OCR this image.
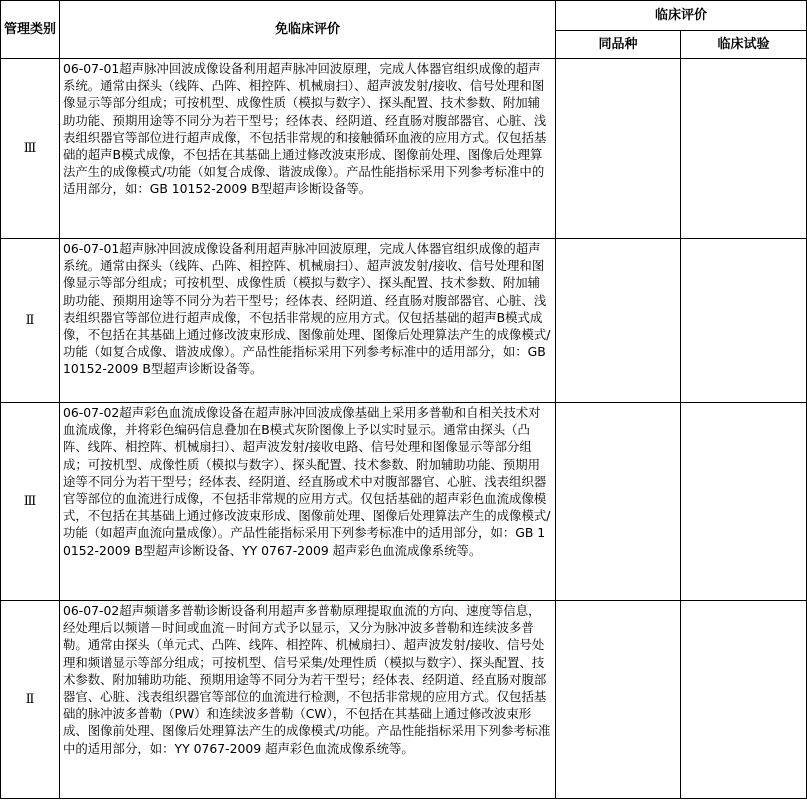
管理类别	免临床评价	临床评价	
		同品种	临床试验
Ⅲ	06-07-01超声脉冲回波成像设备利用超声脉冲回波原理，完成人体器官组织成像的超声系统。通常由探头（线阵、凸阵、相控阵、机械扇扫）、超声波发射/接收、信号处理和图像显示等部分组成；可按机型、成像性质（模拟与数字）、探头配置、技术参数、附加辅助功能、预期用途等不同分为若干型号；经体表、经阴道、经直肠对腹部器官、心脏、浅表组织器官等部位进行超声成像，不包括非常规的和接触循环血液的应用方式。仅包括基础的超声B模式成像，不包括在其基础上通过修改波束形成、图像前处理、图像后处理算法产生的成像模式/功能（如复合成像、谐波成像）。产品性能指标采用下列参考标准中的适用部分，如：GB 10152-2009 B型超声诊断设备等。		

Ⅱ	06-07-01超声脉冲回波成像设备利用超声脉冲回波原理，完成人体器官组织成像的超声系统。通常由探头（线阵、凸阵、相控阵、机械扇扫）、超声波发射/接收、信号处理和图像显示等部分组成；可按机型、成像性质（模拟与数字）、探头配置、技术参数、附加辅助功能、预期用途等不同分为若干型号；经体表、经阴道、经直肠对腹部器官、心脏、浅表组织器官等部位进行超声成像，不包括非常规的应用方式。仅包括基础的超声B模式成像，不包括在其基础上通过修改波束形成、图像前处理、图像后处理算法产生的成像模式/功能（如复合成像、谐波成像）。产品性能指标采用下列参考标准中的适用部分，如：GB 10152-2009 B型超声诊断设备等。		

Ⅲ	06-07-02超声彩色血流成像设备在超声脉冲回波成像基础上采用多普勒和自相关技术对血流成像，并将彩色编码信息叠加在B模式灰阶图像上予以实时显示。通常由探头（凸阵、线阵、相控阵、机械扇扫）、超声波发射/接收电路、信号处理和图像显示等部分组成；可按机型、成像性质（模拟与数字）、探头配置、技术参数、附加辅助功能、预期用途等不同分为若干型号；经体表、经阴道、经直肠或术中对腹部器官、心脏、浅表组织器官等部位的血流进行成像，不包括非常规的应用方式。仅包括基础的超声彩色血流成像模式，不包括在其基础上通过修改波束形成、图像前处理、图像后处理算法产生的成像模式/功能（如超声血流向量成像）。产品性能指标采用下列参考标准中的适用部分，如：GB 10152-2009 B型超声诊断设备、YY 0767-2009 超声彩色血流成像系统等。		

Ⅱ	06-07-02超声频谱多普勒诊断设备利用超声多普勒原理提取血流的方向、速度等信息，经处理后以频谱－时间或血流－时间方式予以显示，又分为脉冲波多普勒和连续波多普勒。通常由探头（单元式、凸阵、线阵、相控阵、机械扇扫）、超声波发射/接收、信号处理和频谱显示等部分组成；可按机型、信号采集/处理性质（模拟与数字）、探头配置、技术参数、附加辅助功能、预期用途等不同分为若干型号；经体表、经阴道、经直肠对腹部器官、心脏、浅表组织器官等部位的血流进行检测，不包括非常规的应用方式。仅包括基础的脉冲波多普勒（PW）和连续波多普勒（CW），不包括在其基础上通过修改波束形成、图像前处理、图像后处理算法产生的成像模式/功能。产品性能指标采用下列参考标准中的适用部分，如：YY 0767-2009 超声彩色血流成像系统等。		
